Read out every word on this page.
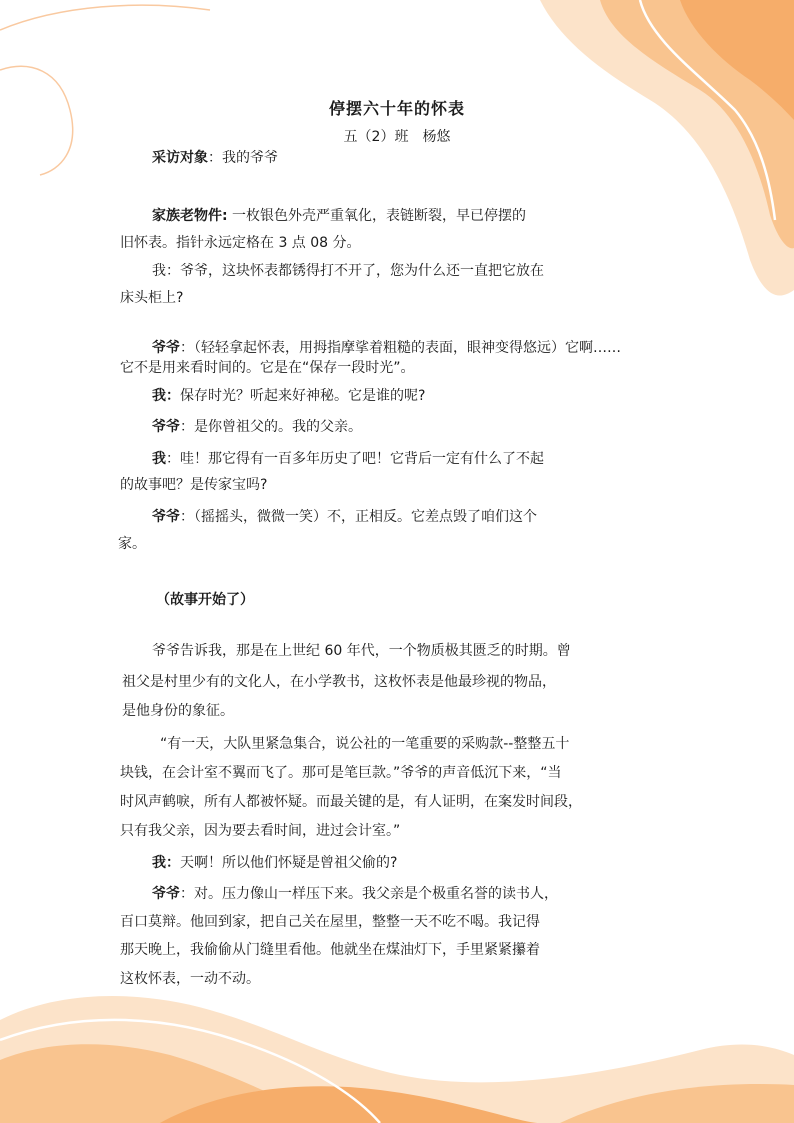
停摆六十年的怀表
五（2）班　杨悠
采访对象：我的爷爷
家族老物件: 一枚银色外壳严重氧化，表链断裂，早已停摆的
旧怀表。指针永远定格在 3 点 08 分。
我：爷爷，这块怀表都锈得打不开了，您为什么还一直把它放在
床头柜上?
爷爷：（轻轻拿起怀表，用拇指摩挲着粗糙的表面，眼神变得悠远）它啊……
它不是用来看时间的。它是在“保存一段时光”。
我：保存时光？听起来好神秘。它是谁的呢?
爷爷：是你曾祖父的。我的父亲。
我：哇！那它得有一百多年历史了吧！它背后一定有什么了不起
的故事吧？是传家宝吗?
爷爷：（摇摇头，微微一笑）不，正相反。它差点毁了咱们这个
家。
（故事开始了）
爷爷告诉我，那是在上世纪 60 年代，一个物质极其匮乏的时期。曾
祖父是村里少有的文化人，在小学教书，这枚怀表是他最珍视的物品，
是他身份的象征。
“有一天，大队里紧急集合，说公社的一笔重要的采购款--整整五十
块钱，在会计室不翼而飞了。那可是笔巨款。”爷爷的声音低沉下来，“当
时风声鹤唳，所有人都被怀疑。而最关键的是，有人证明，在案发时间段，
只有我父亲，因为要去看时间，进过会计室。”
我：天啊！所以他们怀疑是曾祖父偷的?
爷爷：对。压力像山一样压下来。我父亲是个极重名誉的读书人，
百口莫辩。他回到家，把自己关在屋里，整整一天不吃不喝。我记得
那天晚上，我偷偷从门缝里看他。他就坐在煤油灯下，手里紧紧攥着
这枚怀表，一动不动。
